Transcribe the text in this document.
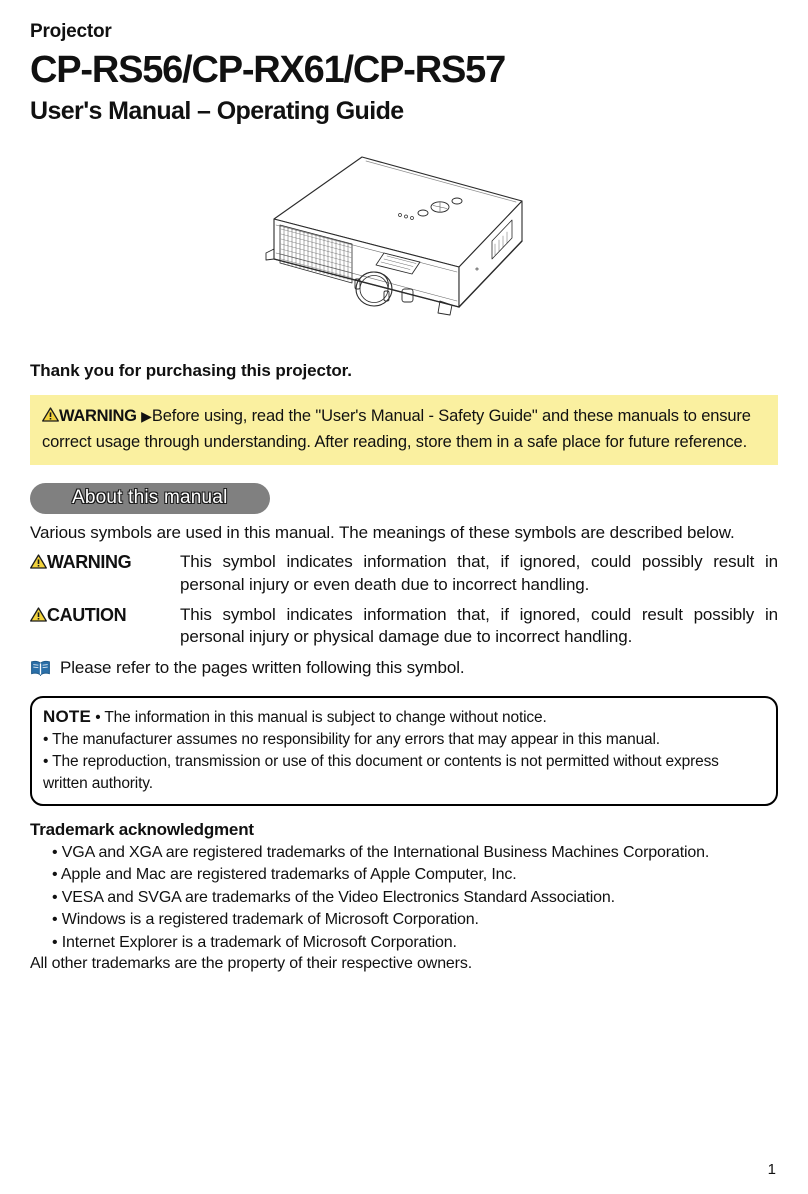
Projector
CP-RS56/CP-RX61/CP-RS57
User's Manual – Operating Guide

Thank you for purchasing this projector.

WARNING ▶Before using, read the "User's Manual - Safety Guide" and these manuals to ensure correct usage through understanding. After reading, store them in a safe place for future reference.
About this manual

Various symbols are used in this manual. The meanings of these symbols are described below.

WARNING	This symbol indicates information that, if ignored, could possibly result in personal injury or even death due to incorrect handling.
CAUTION	This symbol indicates information that, if ignored, could result possibly in personal injury or physical damage due to incorrect handling.
Please refer to the pages written following this symbol.

NOTE • The information in this manual is subject to change without notice.

• The manufacturer assumes no responsibility for any errors that may appear in this manual.

• The reproduction, transmission or use of this document or contents is not permitted without express written authority.

Trademark acknowledgment
• VGA and XGA are registered trademarks of the International Business Machines Corporation.
• Apple and Mac are registered trademarks of Apple Computer, Inc.
• VESA and SVGA are trademarks of the Video Electronics Standard Association.
• Windows is a registered trademark of Microsoft Corporation.
• Internet Explorer is a trademark of Microsoft Corporation.

All other trademarks are the property of their respective owners.

1
